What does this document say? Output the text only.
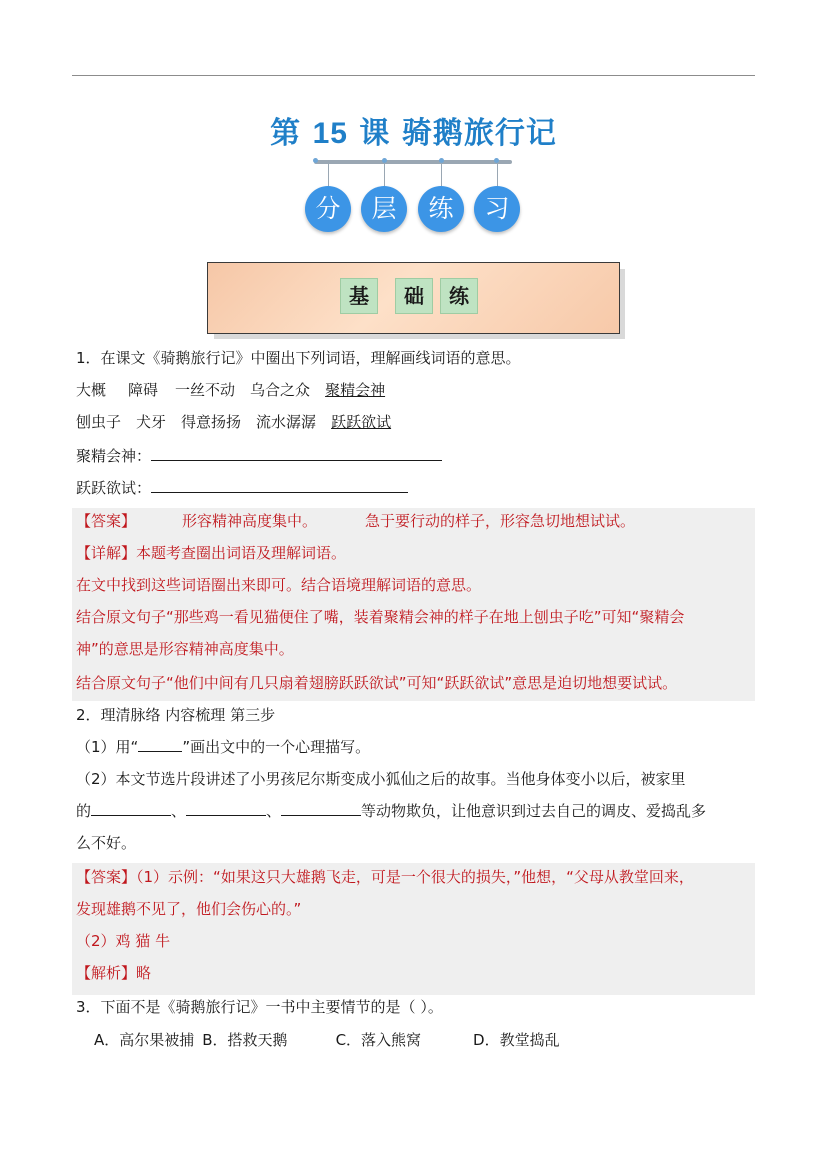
第 15 课 骑鹅旅行记
分	层	练	习
基	础	练
1．在课文《骑鹅旅行记》中圈出下列词语，理解画线词语的意思。
大概 障碍 一丝不动 乌合之众 聚精会神
刨虫子 犬牙 得意扬扬 流水潺潺 跃跃欲试
聚精会神：
跃跃欲试：
【答案】	形容精神高度集中。	急于要行动的样子，形容急切地想试试。
【详解】本题考查圈出词语及理解词语。
在文中找到这些词语圈出来即可。结合语境理解词语的意思。
结合原文句子“那些鸡一看见猫便住了嘴，装着聚精会神的样子在地上刨虫子吃”可知“聚精会
神”的意思是形容精神高度集中。
结合原文句子“他们中间有几只扇着翅膀跃跃欲试”可知“跃跃欲试”意思是迫切地想要试试。
2．理清脉络 内容梳理 第三步
（1）用“	”画出文中的一个心理描写。
（2）本文节选片段讲述了小男孩尼尔斯变成小狐仙之后的故事。当他身体变小以后，被家里
的	、	、	等动物欺负，让他意识到过去自己的调皮、爱捣乱多
么不好。
【答案】（1）示例：“如果这只大雄鹅飞走，可是一个很大的损失，”他想，“父母从教堂回来，
发现雄鹅不见了，他们会伤心的。”
（2）鸡 猫 牛
【解析】略
3．下面不是《骑鹅旅行记》一书中主要情节的是（ ）。
A．高尔果被捕 B．搭救天鹅	C．落入熊窝	D．教堂捣乱
